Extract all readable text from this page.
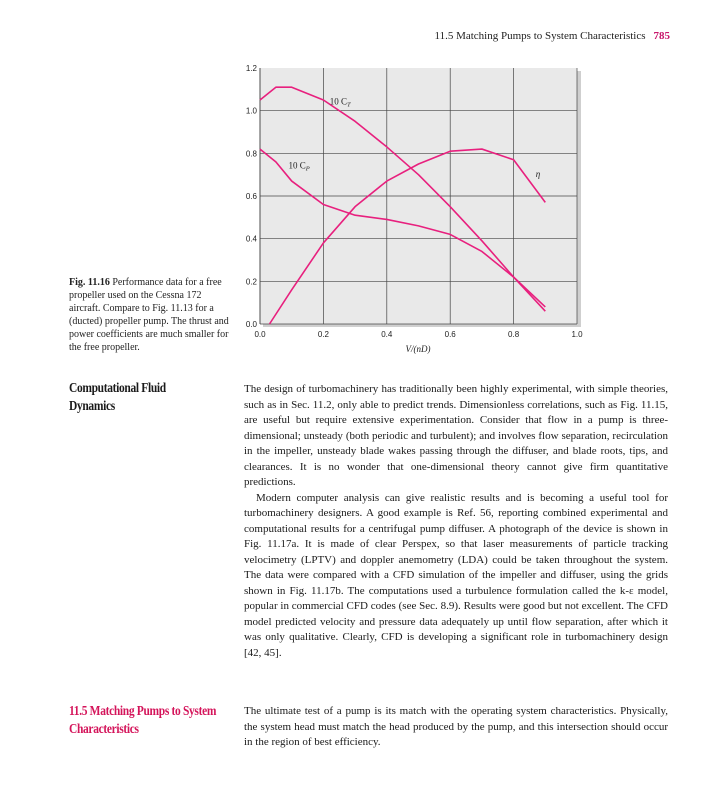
11.5 Matching Pumps to System Characteristics 785
0.0
0.2
0.4
0.6
0.8
1.0
1.2
0.0	0.2	0.4	0.6	0.8	1.0
V/(nD)
10 $C_T$
10 $C_P$
η
Fig. 11.16 Performance data for a free propeller used on the Cessna 172 aircraft. Compare to Fig. 11.13 for a (ducted) propeller pump. The thrust and power coefficients are much smaller for the free propeller.
Computational Fluid Dynamics

The design of turbomachinery has traditionally been highly experimental, with simple theories, such as in Sec. 11.2, only able to predict trends. Dimensionless correlations, such as Fig. 11.15, are useful but require extensive experimentation. Consider that flow in a pump is three-dimensional; unsteady (both periodic and turbulent); and involves flow separation, recirculation in the impeller, unsteady blade wakes passing through the diffuser, and blade roots, tips, and clearances. It is no wonder that one-dimensional theory cannot give firm quantitative predictions.

Modern computer analysis can give realistic results and is becoming a useful tool for turbomachinery designers. A good example is Ref. 56, reporting combined experimental and computational results for a centrifugal pump diffuser. A photograph of the device is shown in Fig. 11.17a. It is made of clear Perspex, so that laser measurements of particle tracking velocimetry (LPTV) and doppler anemometry (LDA) could be taken throughout the system. The data were compared with a CFD simulation of the impeller and diffuser, using the grids shown in Fig. 11.17b. The computations used a turbulence formulation called the k-ε model, popular in commercial CFD codes (see Sec. 8.9). Results were good but not excellent. The CFD model predicted velocity and pressure data adequately up until flow separation, after which it was only qualitative. Clearly, CFD is developing a significant role in turbomachinery design [42, 45].

11.5 Matching Pumps to System Characteristics

The ultimate test of a pump is its match with the operating system characteristics. Physically, the system head must match the head produced by the pump, and this intersection should occur in the region of best efficiency.
